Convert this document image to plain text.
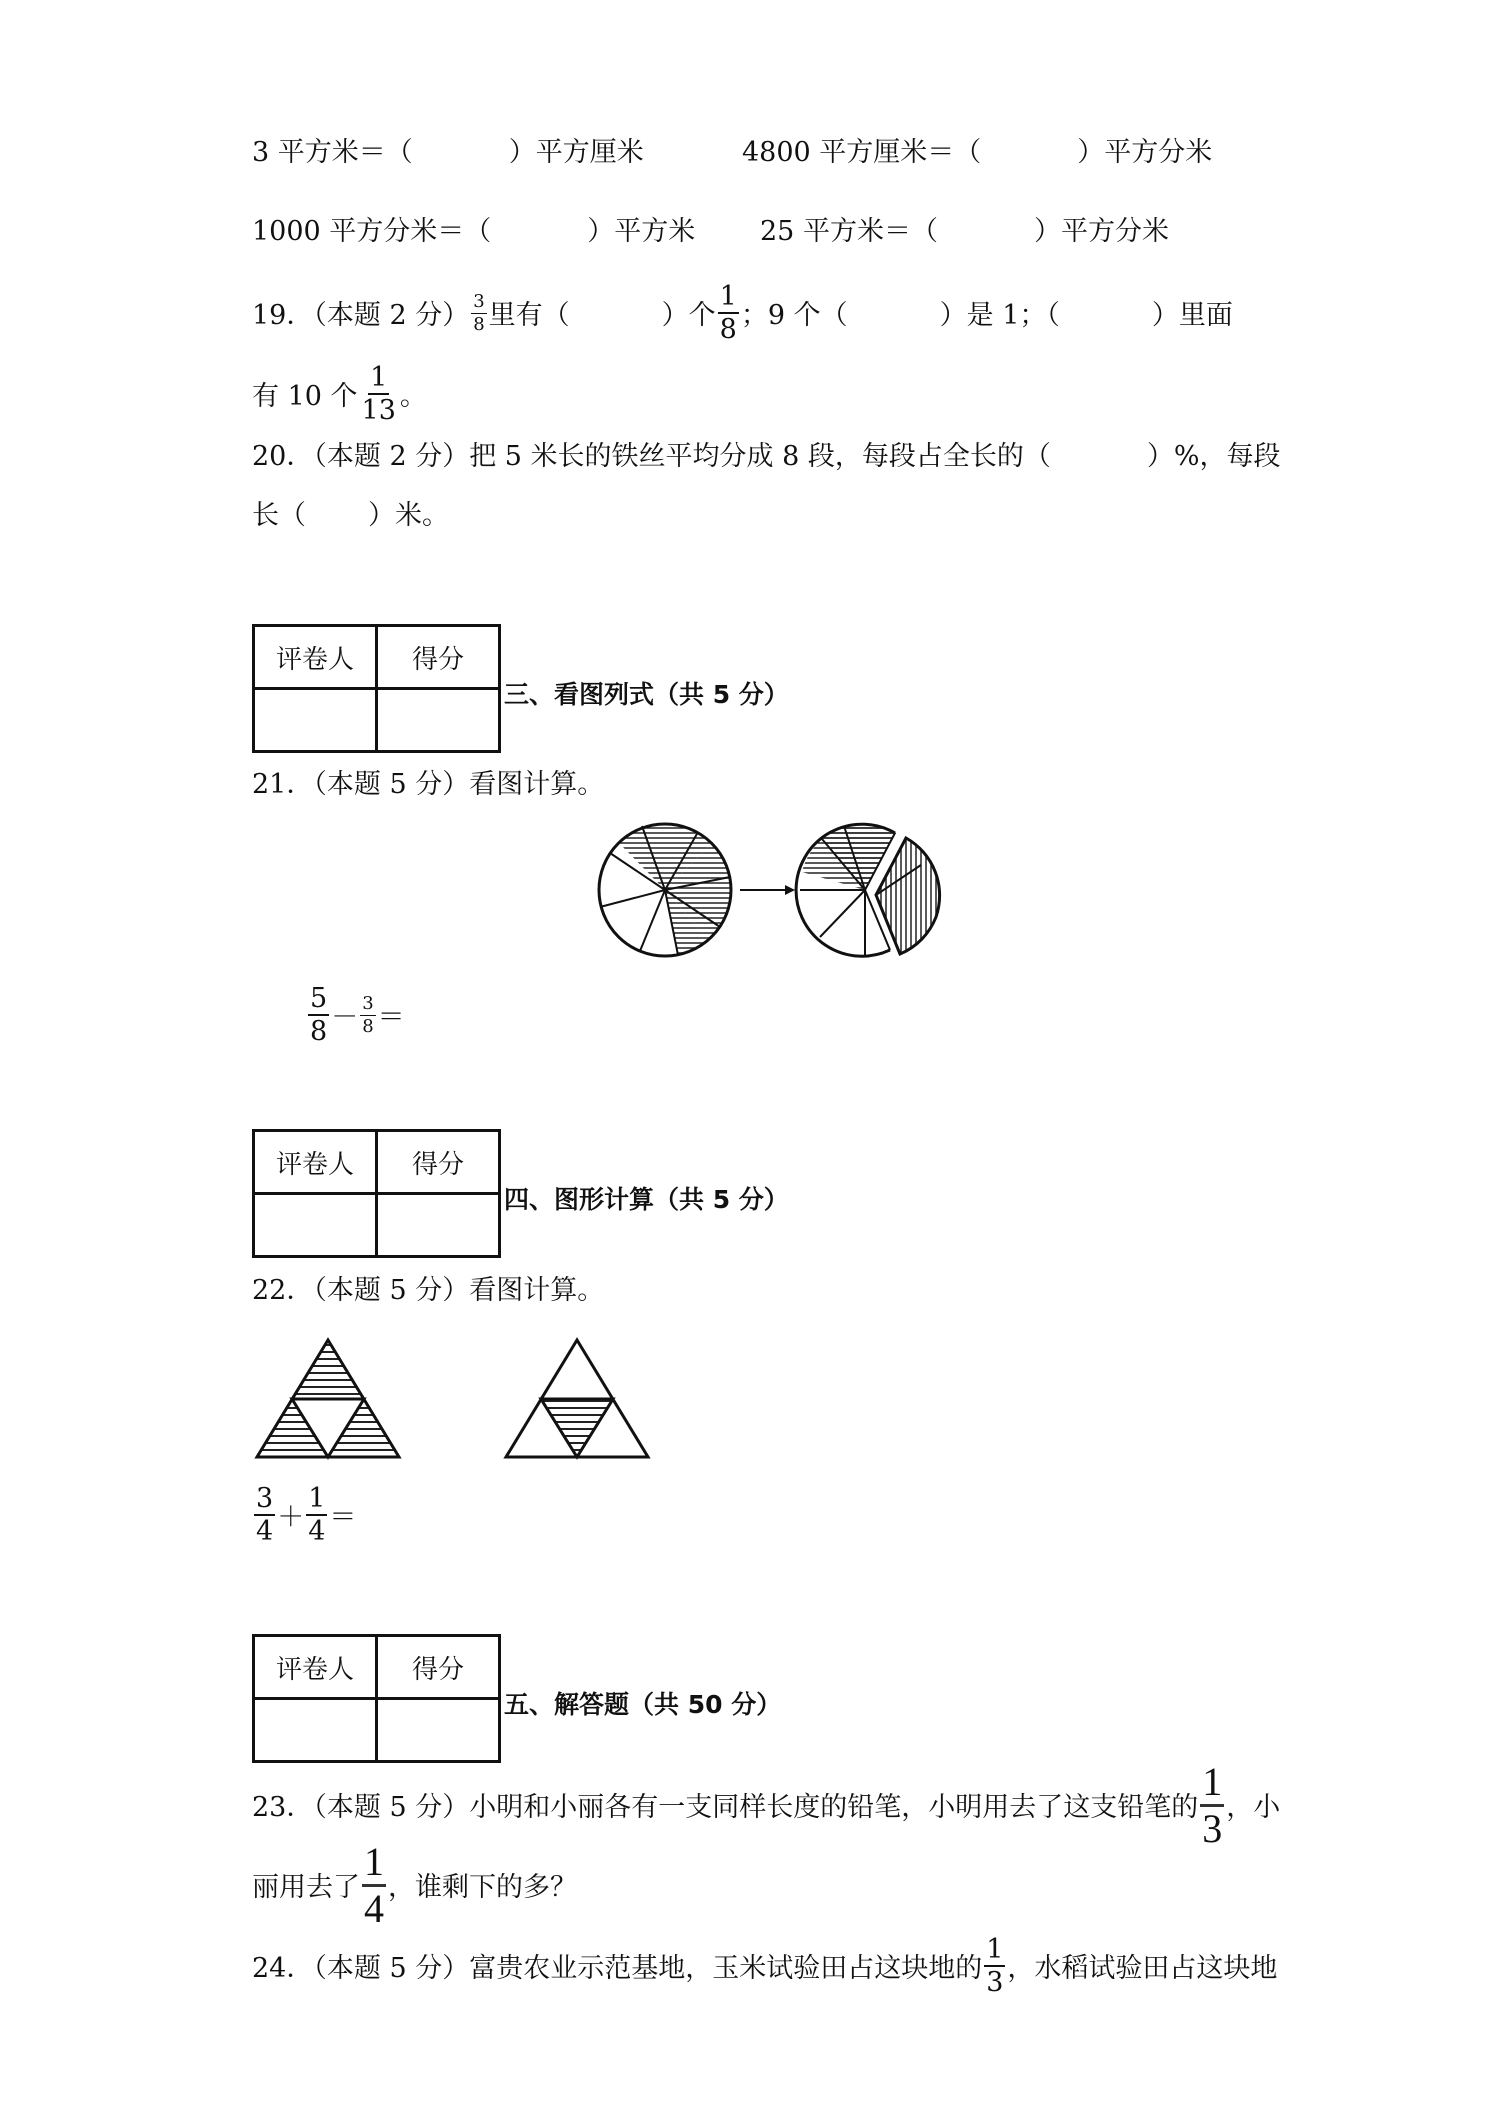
3 平方米＝（	）平方厘米	4800 平方厘米＝（	）平方分米
1000 平方分米＝（	）平方米 25 平方米＝（	）平方分米
19．（本题 2 分） $\frac{3}{8}$ 里有（	）个 $\frac{1}{8}$ ；9 个（	）是 1；（	）里面
有 10 个 $\frac{1}{13}$ 。
20．（本题 2 分）把 5 米长的铁丝平均分成 8 段，每段占全长的（	）%，每段
长（ ）米。
评卷人	得分

三、看图列式（共 5 分）
21．（本题 5 分）看图计算。
$\frac{5}{8} - \frac{3}{8}$ ＝
评卷人	得分

四、图形计算（共 5 分）
22．（本题 5 分）看图计算。
$\frac{3}{4} + \frac{1}{4}$ ＝
评卷人	得分

五、解答题（共 50 分）
23．（本题 5 分）小明和小丽各有一支同样长度的铅笔，小明用去了这支铅笔的 $\frac{1}{3}$ ，小
丽用去了 $\frac{1}{4}$ ，谁剩下的多？
24．（本题 5 分）富贵农业示范基地，玉米试验田占这块地的 $\frac{1}{3}$ ，水稻试验田占这块地
